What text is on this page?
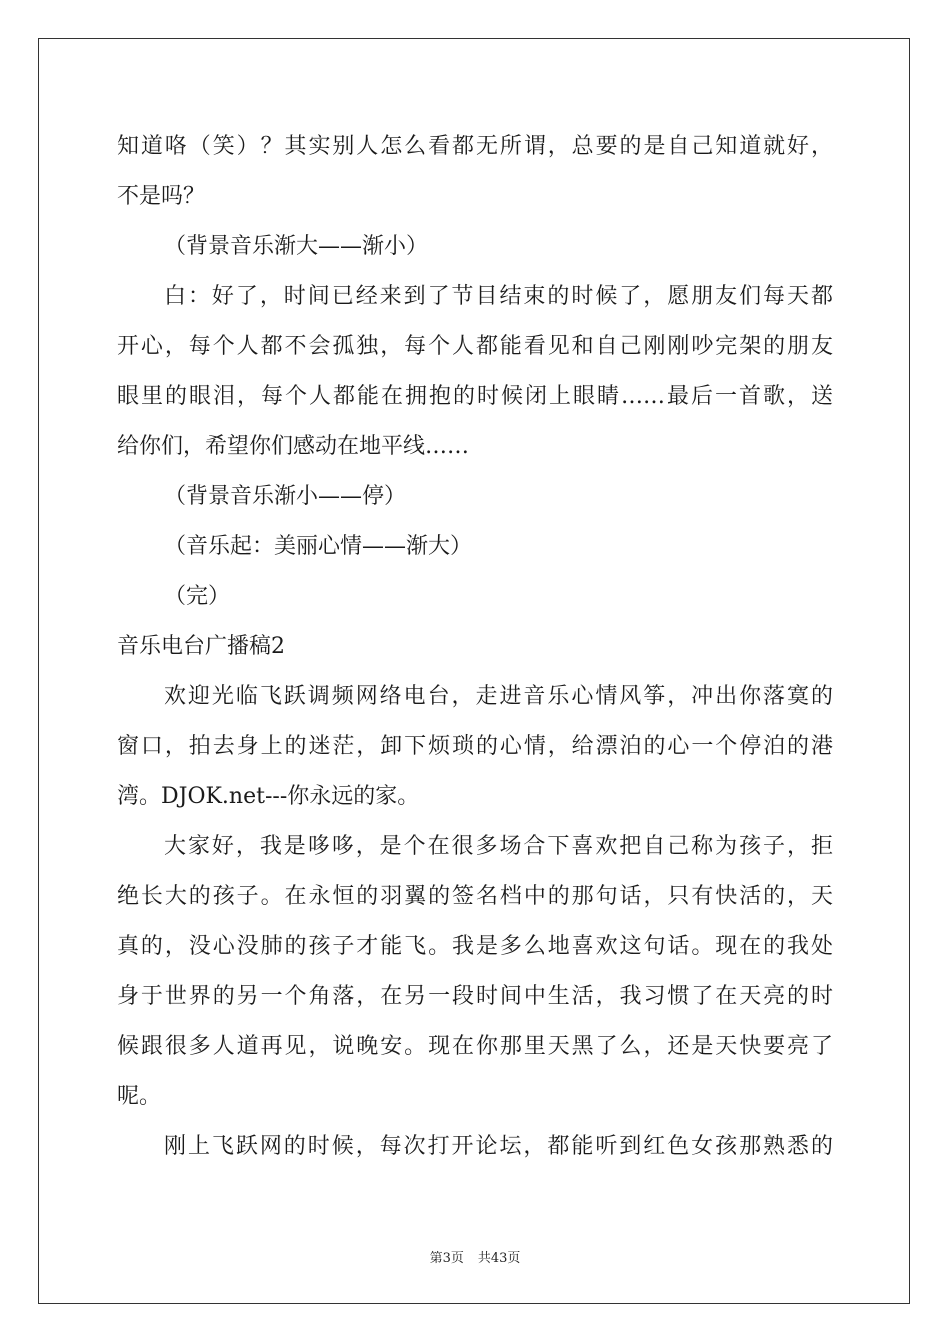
知道咯（笑）？其实别人怎么看都无所谓，总要的是自己知道就好，
不是吗？
（背景音乐渐大——渐小）
白：好了，时间已经来到了节目结束的时候了，愿朋友们每天都
开心，每个人都不会孤独，每个人都能看见和自己刚刚吵完架的朋友
眼里的眼泪，每个人都能在拥抱的时候闭上眼睛……最后一首歌，送
给你们，希望你们感动在地平线……
（背景音乐渐小——停）
（音乐起：美丽心情——渐大）
（完）
音乐电台广播稿2
欢迎光临飞跃调频网络电台，走进音乐心情风筝，冲出你落寞的
窗口，拍去身上的迷茫，卸下烦琐的心情，给漂泊的心一个停泊的港
湾。DJOK.net---你永远的家。
大家好，我是哆哆，是个在很多场合下喜欢把自己称为孩子，拒
绝长大的孩子。在永恒的羽翼的签名档中的那句话，只有快活的，天
真的，没心没肺的孩子才能飞。我是多么地喜欢这句话。现在的我处
身于世界的另一个角落，在另一段时间中生活，我习惯了在天亮的时
候跟很多人道再见，说晚安。现在你那里天黑了么，还是天快要亮了
呢。
刚上飞跃网的时候，每次打开论坛，都能听到红色女孩那熟悉的
第3页 共43页
